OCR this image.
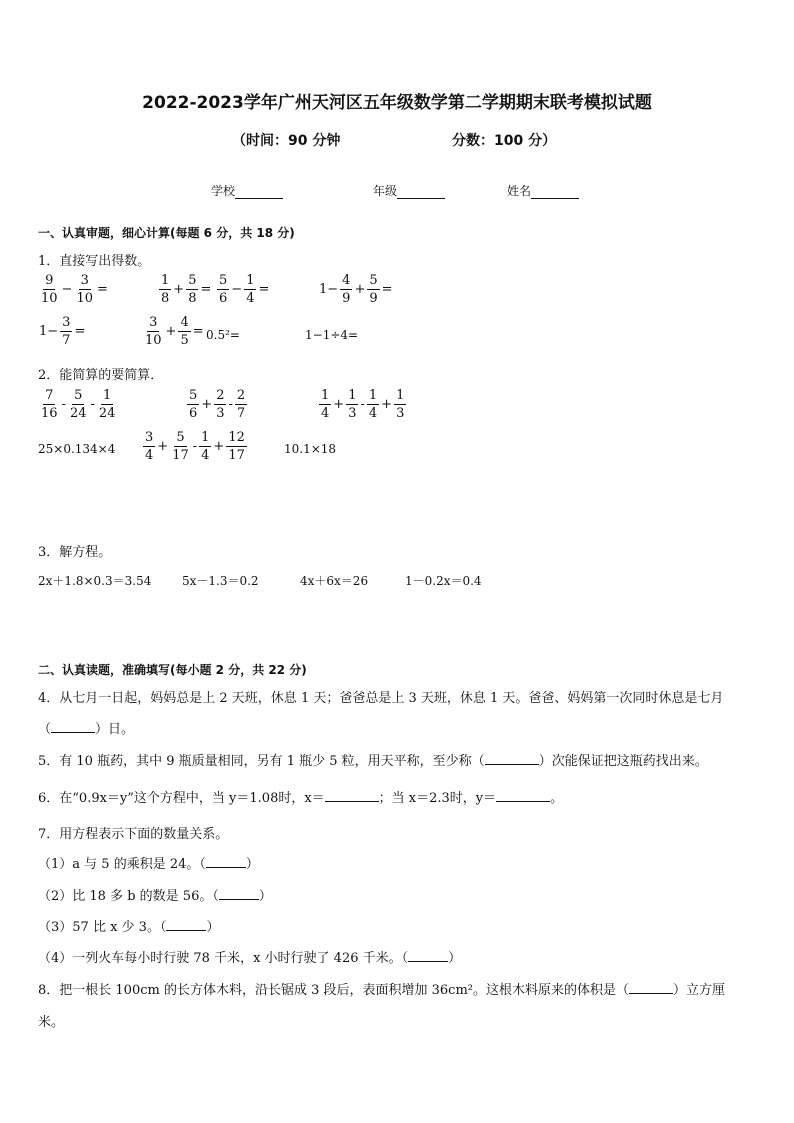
2022-2023学年广州天河区五年级数学第二学期期末联考模拟试题
（时间：90 分钟	分数：100 分）
学校	年级	姓名
一、认真审题，细心计算(每题 6 分，共 18 分)
1．直接写出得数。
$\frac{9}{10} - \frac{3}{10}$ =	$\frac{1}{8} + \frac{5}{8} = \frac{5}{6} - \frac{1}{4}$ =	$1- \frac{4}{9} + \frac{5}{9}$ =
$1- \frac{3}{7}$ =	$\frac{3}{10} + \frac{4}{5} = 0.5^2=$	1−1÷4=
2．能简算的要简算．
$\frac{7}{16} - \frac{5}{24} - \frac{1}{24}$	$\frac{5}{6} + \frac{2}{3} - \frac{2}{7}$	$\frac{1}{4} + \frac{1}{3} - \frac{1}{4} + \frac{1}{3}$
$25\times 0.134\times 4 \frac{3}{4} + \frac{5}{17} - \frac{1}{4} + \frac{12}{17}$	10.1×18
3．解方程。
2x＋1.8×0.3＝3.54	5x－1.3＝0.2	4x＋6x＝26	1－0.2x＝0.4
二、认真读题，准确填写(每小题 2 分，共 22 分)
4．从七月一日起，妈妈总是上 2 天班，休息 1 天；爸爸总是上 3 天班，休息 1 天。爸爸、妈妈第一次同时休息是七月
（	）日。
5．有 10 瓶药，其中 9 瓶质量相同，另有 1 瓶少 5 粒，用天平称，至少称（	）次能保证把这瓶药找出来。
6．在“0.9x＝y”这个方程中，当 y＝1.08时，x＝	；当 x＝2.3时，y＝	。
7．用方程表示下面的数量关系。
（1）a 与 5 的乘积是 24。（	）
（2）比 18 多 b 的数是 56。（	）
（3）57 比 x 少 3。（	）
（4）一列火车每小时行驶 78 千米，x 小时行驶了 426 千米。（	）
8．把一根长 100cm 的长方体木料，沿长锯成 3 段后，表面积增加 36cm²。这根木料原来的体积是（	）立方厘
米。
